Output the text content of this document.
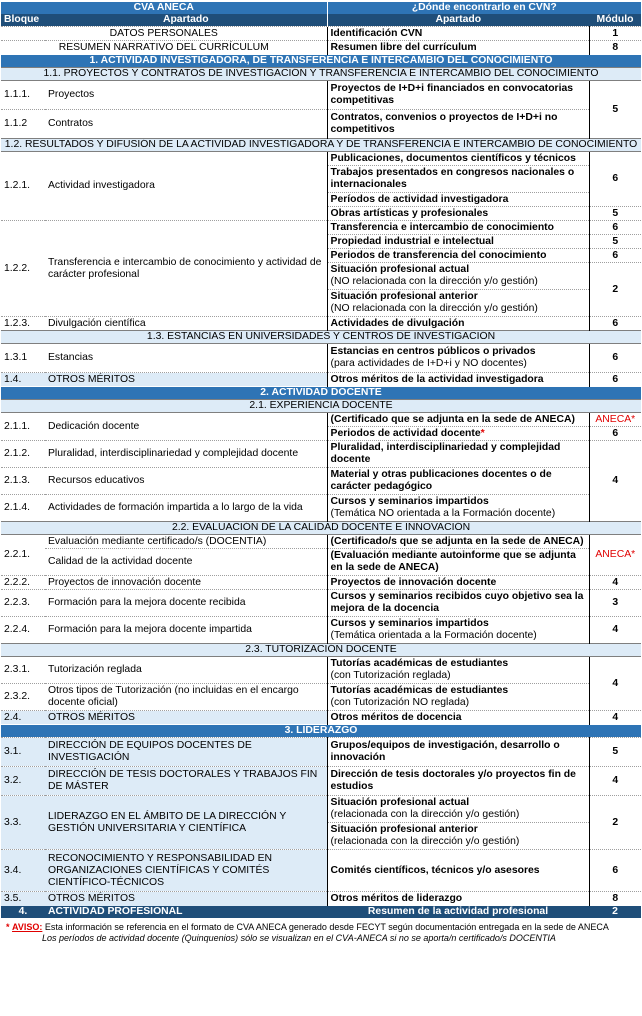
CVA ANECA		¿Dónde encontrarlo en CVN?	
Bloque	Apartado	Apartado	Módulo
DATOS PERSONALES		Identificación CVN	1
RESUMEN NARRATIVO DEL CURRÍCULUM		Resumen libre del currículum	8
1. ACTIVIDAD INVESTIGADORA, DE TRANSFERENCIA E INTERCAMBIO DEL CONOCIMIENTO			
1.1. PROYECTOS Y CONTRATOS DE INVESTIGACIÓN Y TRANSFERENCIA E INTERCAMBIO DEL CONOCIMIENTO			
1.1.1.	Proyectos	Proyectos de I+D+i financiados en convocatorias competitivas	5
1.1.2	Contratos	Contratos, convenios o proyectos de I+D+i no competitivos	
1.2. RESULTADOS Y DIFUSIÓN DE LA ACTIVIDAD INVESTIGADORA Y DE TRANSFERENCIA E INTERCAMBIO DE CONOCIMIENTO			
1.2.1.	Actividad investigadora	Publicaciones, documentos científicos y técnicos	6
		Trabajos presentados en congresos nacionales o internacionales	
		Períodos de actividad investigadora	
		Obras artísticas y profesionales	5
1.2.2.	Transferencia e intercambio de conocimiento y actividad de carácter profesional	Transferencia e intercambio de conocimiento	6
		Propiedad industrial e intelectual	5
		Periodos de transferencia del conocimiento	6
		Situación profesional actual
(NO relacionada con la dirección y/o gestión)	2
		Situación profesional anterior
(NO relacionada con la dirección y/o gestión)	
1.2.3.	Divulgación científica	Actividades de divulgación	6
1.3. ESTANCIAS EN UNIVERSIDADES Y CENTROS DE INVESTIGACIÓN			
1.3.1	Estancias	Estancias en centros públicos o privados
(para actividades de I+D+i y NO docentes)	6
1.4.	OTROS MÉRITOS	Otros méritos de la actividad investigadora	6
2. ACTIVIDAD DOCENTE			
2.1. EXPERIENCIA DOCENTE			
2.1.1.	Dedicación docente	(Certificado que se adjunta en la sede de ANECA)	ANECA*
		Periodos de actividad docente*	6
2.1.2.	Pluralidad, interdisciplinariedad y complejidad docente	Pluralidad, interdisciplinariedad y complejidad docente	4
2.1.3.	Recursos educativos	Material y otras publicaciones docentes o de carácter pedagógico	
2.1.4.	Actividades de formación impartida a lo largo de la vida	Cursos y seminarios impartidos
(Temática NO orientada a la Formación docente)	
2.2. EVALUACIÓN DE LA CALIDAD DOCENTE E INNOVACIÓN			
2.2.1.	Evaluación mediante certificado/s (DOCENTIA)	(Certificado/s que se adjunta en la sede de ANECA)	ANECA*
	Calidad de la actividad docente	(Evaluación mediante autoinforme que se adjunta en la sede de ANECA)	
2.2.2.	Proyectos de innovación docente	Proyectos de innovación docente	4
2.2.3.	Formación para la mejora docente recibida	Cursos y seminarios recibidos cuyo objetivo sea la mejora de la docencia	3
2.2.4.	Formación para la mejora docente impartida	Cursos y seminarios impartidos
(Temática orientada a la Formación docente)	4
2.3. TUTORIZACIÓN DOCENTE			
2.3.1.	Tutorización reglada	Tutorías académicas de estudiantes
(con Tutorización reglada)	4
2.3.2.	Otros tipos de Tutorización (no incluidas en el encargo docente oficial)	Tutorías académicas de estudiantes
(con Tutorización NO reglada)	
2.4.	OTROS MÉRITOS	Otros méritos de docencia	4
3. LIDERAZGO			
3.1.	DIRECCIÓN DE EQUIPOS DOCENTES DE INVESTIGACIÓN	Grupos/equipos de investigación, desarrollo o innovación	5
3.2.	DIRECCIÓN DE TESIS DOCTORALES Y TRABAJOS FIN DE MÁSTER	Dirección de tesis doctorales y/o proyectos fin de estudios	4
3.3.	LIDERAZGO EN EL ÁMBITO DE LA DIRECCIÓN Y GESTIÓN UNIVERSITARIA Y CIENTÍFICA	Situación profesional actual
(relacionada con la dirección y/o gestión)	2
		Situación profesional anterior
(relacionada con la dirección y/o gestión)	
3.4.	RECONOCIMIENTO Y RESPONSABILIDAD EN ORGANIZACIONES CIENTÍFICAS Y COMITÉS CIENTÍFICO-TÉCNICOS	Comités científicos, técnicos y/o asesores	6
3.5.	OTROS MÉRITOS	Otros méritos de liderazgo	8
4.	ACTIVIDAD PROFESIONAL	Resumen de la actividad profesional	2
* AVISO: Esta información se referencia en el formato de CVA ANECA generado desde FECYT según documentación entregada en la sede de ANECA
Los períodos de actividad docente (Quinquenios) sólo se visualizan en el CVA-ANECA si no se aporta/n certificado/s DOCENTIA
